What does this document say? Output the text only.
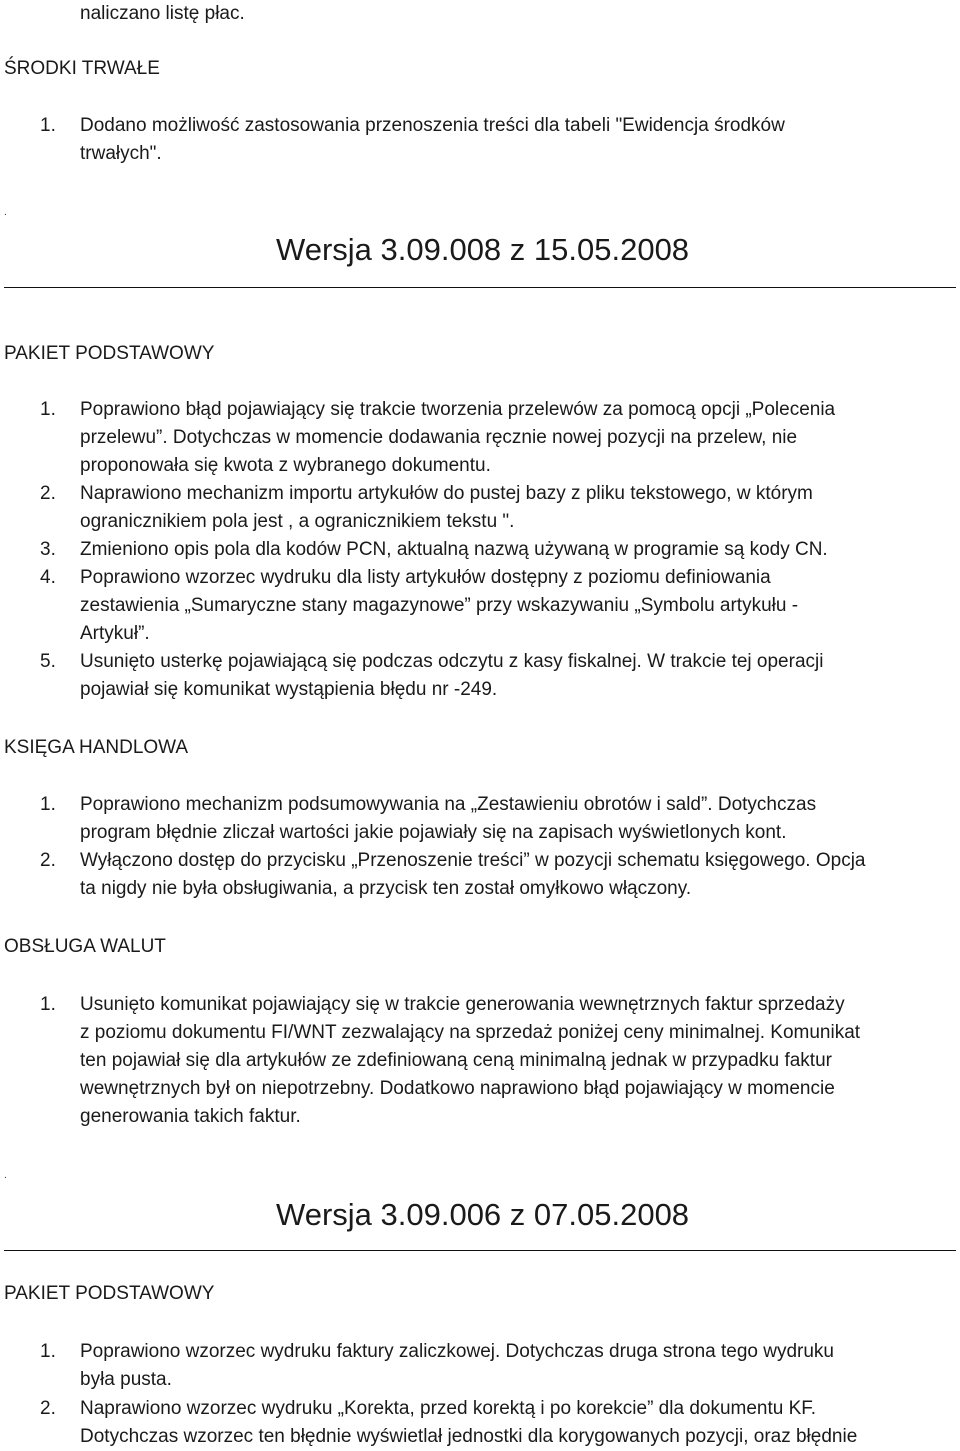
naliczano listę płac.
ŚRODKI TRWAŁE
1. Dodano możliwość zastosowania przenoszenia treści dla tabeli "Ewidencja środków
trwałych".
.
Wersja 3.09.008 z 15.05.2008
PAKIET PODSTAWOWY
1. Poprawiono błąd pojawiający się trakcie tworzenia przelewów za pomocą opcji „Polecenia
przelewu”. Dotychczas w momencie dodawania ręcznie nowej pozycji na przelew, nie
proponowała się kwota z wybranego dokumentu.
2. Naprawiono mechanizm importu artykułów do pustej bazy z pliku tekstowego, w którym
ogranicznikiem pola jest , a ogranicznikiem tekstu ".
3. Zmieniono opis pola dla kodów PCN, aktualną nazwą używaną w programie są kody CN.
4. Poprawiono wzorzec wydruku dla listy artykułów dostępny z poziomu definiowania
zestawienia „Sumaryczne stany magazynowe” przy wskazywaniu „Symbolu artykułu -
Artykuł”.
5. Usunięto usterkę pojawiającą się podczas odczytu z kasy fiskalnej. W trakcie tej operacji
pojawiał się komunikat wystąpienia błędu nr -249.
KSIĘGA HANDLOWA
1. Poprawiono mechanizm podsumowywania na „Zestawieniu obrotów i sald”. Dotychczas
program błędnie zliczał wartości jakie pojawiały się na zapisach wyświetlonych kont.
2. Wyłączono dostęp do przycisku „Przenoszenie treści” w pozycji schematu księgowego. Opcja
ta nigdy nie była obsługiwania, a przycisk ten został omyłkowo włączony.
OBSŁUGA WALUT
1. Usunięto komunikat pojawiający się w trakcie generowania wewnętrznych faktur sprzedaży
z poziomu dokumentu FI/WNT zezwalający na sprzedaż poniżej ceny minimalnej. Komunikat
ten pojawiał się dla artykułów ze zdefiniowaną ceną minimalną jednak w przypadku faktur
wewnętrznych był on niepotrzebny. Dodatkowo naprawiono błąd pojawiający w momencie
generowania takich faktur.
.
Wersja 3.09.006 z 07.05.2008
PAKIET PODSTAWOWY
1. Poprawiono wzorzec wydruku faktury zaliczkowej. Dotychczas druga strona tego wydruku
była pusta.
2. Naprawiono wzorzec wydruku „Korekta, przed korektą i po korekcie” dla dokumentu KF.
Dotychczas wzorzec ten błędnie wyświetlał jednostki dla korygowanych pozycji, oraz błędnie
